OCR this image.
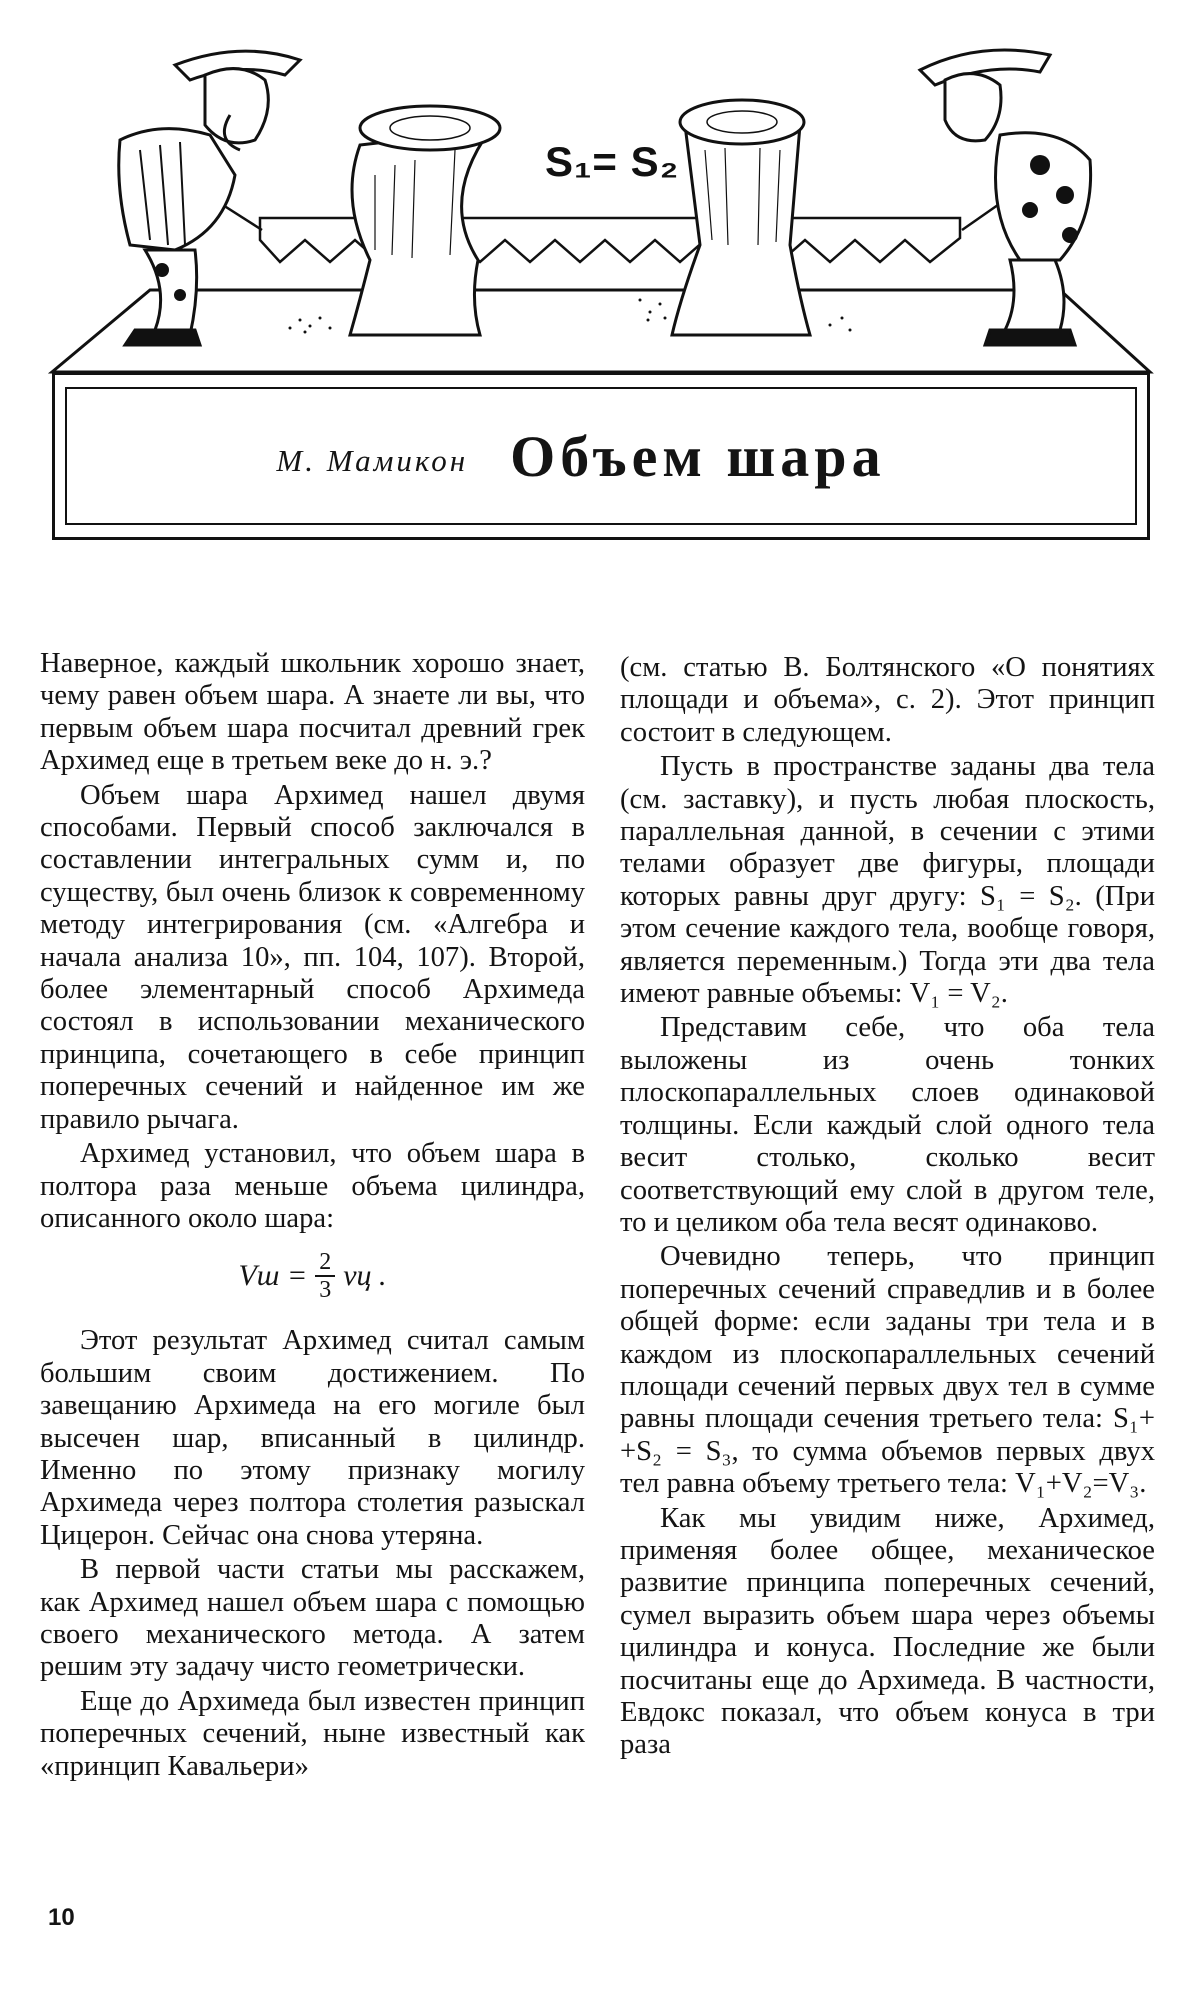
S₁= S₂
М. Мамикон Объем шара

Наверное, каждый школьник хорошо знает, чему равен объем шара. А знаете ли вы, что первым объем шара посчитал древний грек Архимед еще в третьем веке до н. э.?

Объем шара Архимед нашел двумя способами. Первый способ заключался в составлении интегральных сумм и, по существу, был очень близок к современному методу интегрирования (см. «Алгебра и начала анализа 10», пп. 104, 107). Второй, более элементарный способ Архимеда состоял в использовании механического принципа, сочетающего в себе принцип поперечных сечений и найденное им же правило рычага.

Архимед установил, что объем шара в полтора раза меньше объема цилиндра, описанного около шара:

Vш = $\frac{2}{3}$ vц .

Этот результат Архимед считал самым большим своим достижением. По завещанию Архимеда на его могиле был высечен шар, вписанный в цилиндр. Именно по этому признаку могилу Архимеда через полтора столетия разыскал Цицерон. Сейчас она снова утеряна.

В первой части статьи мы расскажем, как Архимед нашел объем шара с помощью своего механического метода. А затем решим эту задачу чисто геометрически.

Еще до Архимеда был известен принцип поперечных сечений, ныне известный как «принцип Кавальери»

(см. статью В. Болтянского «О понятиях площади и объема», с. 2). Этот принцип состоит в следующем.

Пусть в пространстве заданы два тела (см. заставку), и пусть любая плоскость, параллельная данной, в сечении с этими телами образует две фигуры, площади которых равны друг другу: S₁ = S₂. (При этом сечение каждого тела, вообще говоря, является переменным.) Тогда эти два тела имеют равные объемы: V₁ = V₂.

Представим себе, что оба тела выложены из очень тонких плоскопараллельных слоев одинаковой толщины. Если каждый слой одного тела весит столько, сколько весит соответствующий ему слой в другом теле, то и целиком оба тела весят одинаково.

Очевидно теперь, что принцип поперечных сечений справедлив и в более общей форме: если заданы три тела и в каждом из плоскопараллельных сечений площади сечений первых двух тел в сумме равны площади сечения третьего тела: S₁+ +S₂ = S₃, то сумма объемов первых двух тел равна объему третьего тела: V₁+V₂=V₃.

Как мы увидим ниже, Архимед, применяя более общее, механическое развитие принципа поперечных сечений, сумел выразить объем шара через объемы цилиндра и конуса. Последние же были посчитаны еще до Архимеда. В частности, Евдокс показал, что объем конуса в три раза

10
